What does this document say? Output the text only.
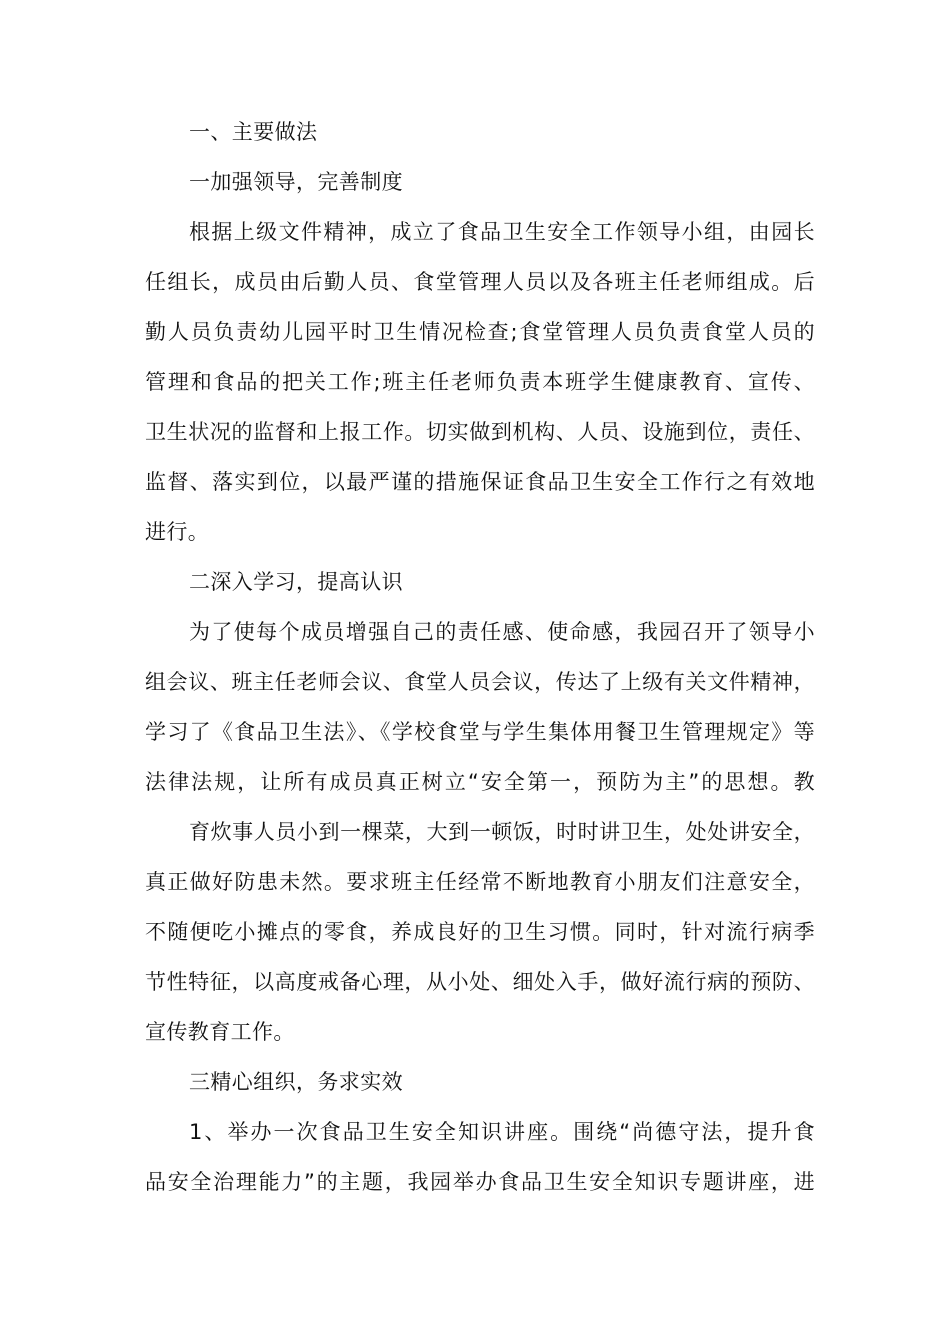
一、主要做法
一加强领导，完善制度
根据上级文件精神，成立了食品卫生安全工作领导小组，由园长
任组长，成员由后勤人员、食堂管理人员以及各班主任老师组成。后
勤人员负责幼儿园平时卫生情况检查;食堂管理人员负责食堂人员的
管理和食品的把关工作;班主任老师负责本班学生健康教育、宣传、
卫生状况的监督和上报工作。切实做到机构、人员、设施到位，责任、
监督、落实到位，以最严谨的措施保证食品卫生安全工作行之有效地
进行。
二深入学习，提高认识
为了使每个成员增强自己的责任感、使命感，我园召开了领导小
组会议、班主任老师会议、食堂人员会议，传达了上级有关文件精神，
学习了《食品卫生法》、《学校食堂与学生集体用餐卫生管理规定》等
法律法规，让所有成员真正树立“安全第一，预防为主”的思想。教
育炊事人员小到一棵菜，大到一顿饭，时时讲卫生，处处讲安全，
真正做好防患未然。要求班主任经常不断地教育小朋友们注意安全，
不随便吃小摊点的零食，养成良好的卫生习惯。同时，针对流行病季
节性特征，以高度戒备心理，从小处、细处入手，做好流行病的预防、
宣传教育工作。
三精心组织，务求实效
1、举办一次食品卫生安全知识讲座。围绕“尚德守法，提升食
品安全治理能力”的主题，我园举办食品卫生安全知识专题讲座，进
